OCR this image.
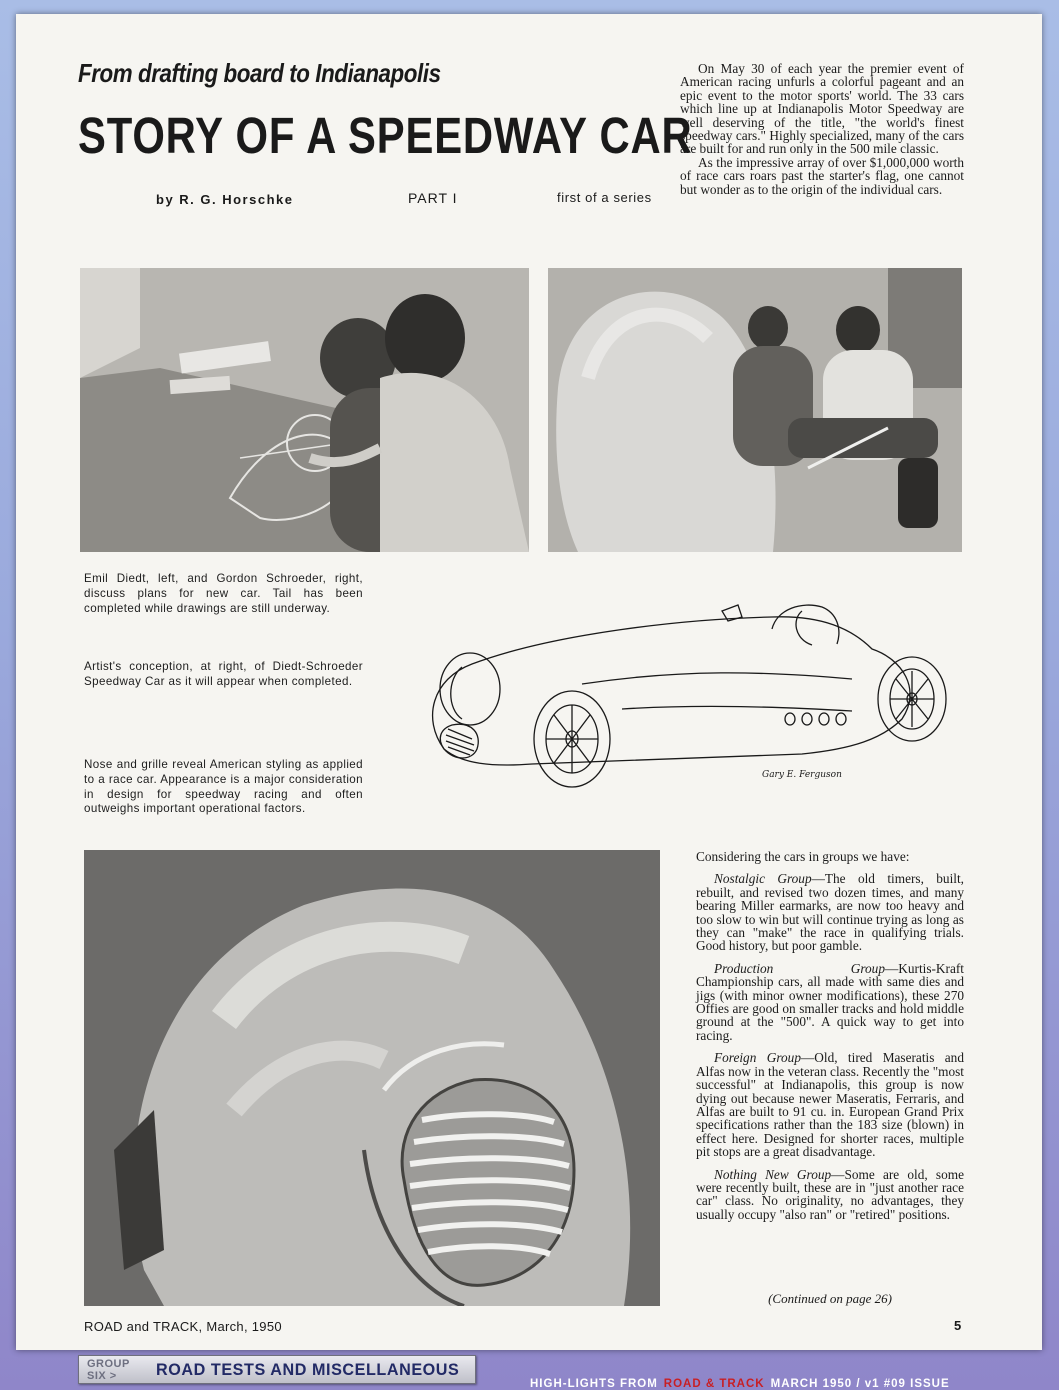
From drafting board to Indianapolis
STORY OF A SPEEDWAY CAR
by R. G. Horschke	PART I	first of a series

On May 30 of each year the premier event of American racing unfurls a colorful pageant and an epic event to the motor sports' world. The 33 cars which line up at Indianapolis Motor Speedway are well deserving of the title, "the world's finest speedway cars." Highly specialized, many of the cars are built for and run only in the 500 mile classic.

As the impressive array of over $1,000,000 worth of race cars roars past the starter's flag, one cannot but wonder as to the origin of the individual cars.

Emil Diedt, left, and Gordon Schroeder, right, discuss plans for new car. Tail has been completed while drawings are still underway.
Artist's conception, at right, of Diedt-Schroeder Speedway Car as it will appear when completed.
Nose and grille reveal American styling as applied to a race car. Appearance is a major consideration in design for speedway racing and often outweighs important operational factors.
Gary E. Ferguson

Considering the cars in groups we have:

Nostalgic Group—The old timers, built, rebuilt, and revised two dozen times, and many bearing Miller earmarks, are now too heavy and too slow to win but will continue trying as long as they can "make" the race in qualifying trials. Good history, but poor gamble.

Production Group—Kurtis-Kraft Championship cars, all made with same dies and jigs (with minor owner modifications), these 270 Offies are good on smaller tracks and hold middle ground at the "500". A quick way to get into racing.

Foreign Group—Old, tired Maseratis and Alfas now in the veteran class. Recently the "most successful" at Indianapolis, this group is now dying out because newer Maseratis, Ferraris, and Alfas are built to 91 cu. in. European Grand Prix specifications rather than the 183 size (blown) in effect here. Designed for shorter races, multiple pit stops are a great disadvantage.

Nothing New Group—Some are old, some were recently built, these are in "just another race car" class. No originality, no advantages, they usually occupy "also ran" or "retired" positions.

(Continued on page 26)
ROAD and TRACK, March, 1950	5
GROUP SIX >	ROAD TESTS AND MISCELLANEOUS
HIGH-LIGHTS FROM ROAD & TRACK MARCH 1950 / v1 #09 ISSUE
